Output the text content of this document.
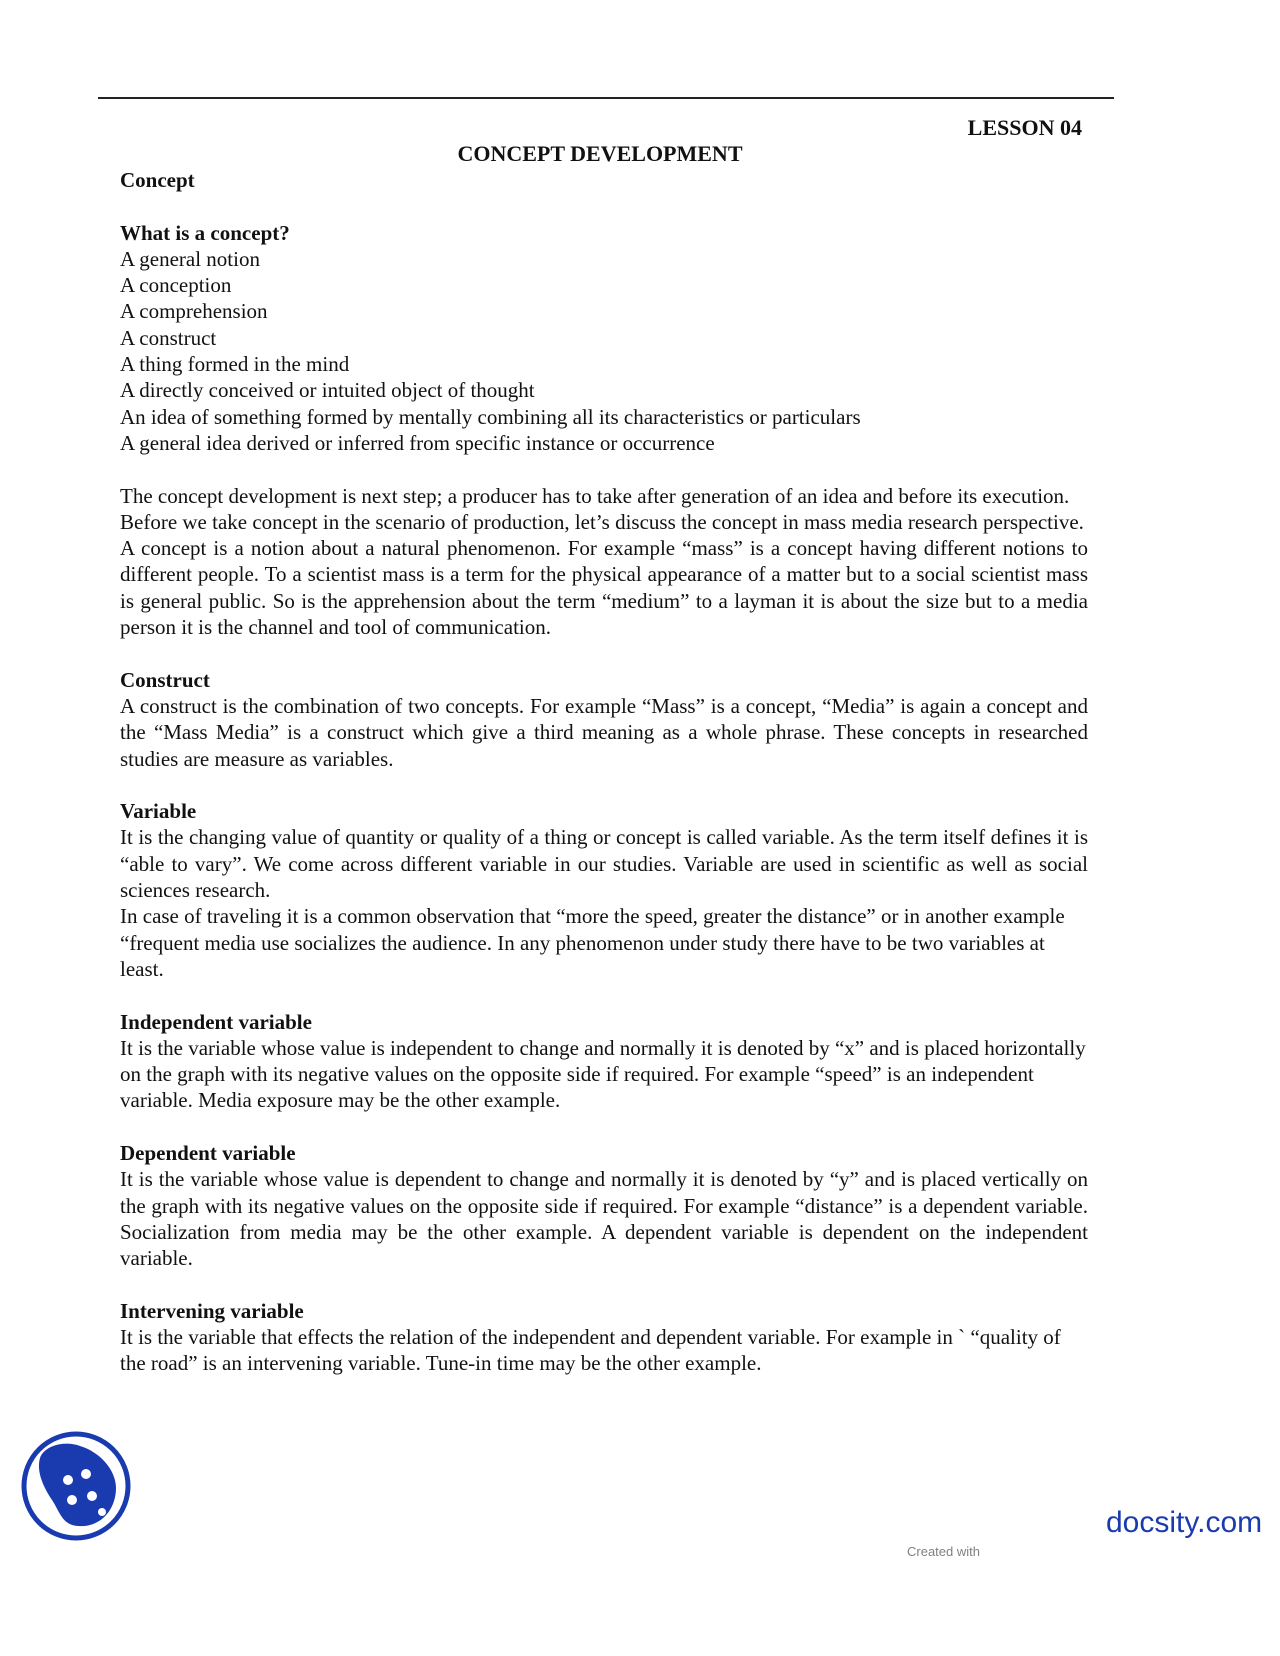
LESSON 04
CONCEPT DEVELOPMENT
Concept
What is a concept?

A general notion

A conception

A comprehension

A construct

A thing formed in the mind

A directly conceived or intuited object of thought

An idea of something formed by mentally combining all its characteristics or particulars

A general idea derived or inferred from specific instance or occurrence

The concept development is next step; a producer has to take after generation of an idea and before its execution.

Before we take concept in the scenario of production, let’s discuss the concept in mass media research perspective.

A concept is a notion about a natural phenomenon. For example “mass” is a concept having different notions to different people. To a scientist mass is a term for the physical appearance of a matter but to a social scientist mass is general public. So is the apprehension about the term “medium” to a layman it is about the size but to a media person it is the channel and tool of communication.

Construct

A construct is the combination of two concepts. For example “Mass” is a concept, “Media” is again a concept and the “Mass Media” is a construct which give a third meaning as a whole phrase. These concepts in researched studies are measure as variables.

Variable

It is the changing value of quantity or quality of a thing or concept is called variable. As the term itself defines it is “able to vary”. We come across different variable in our studies. Variable are used in scientific as well as social sciences research.

In case of traveling it is a common observation that “more the speed, greater the distance” or in another example “frequent media use socializes the audience. In any phenomenon under study there have to be two variables at least.

Independent variable

It is the variable whose value is independent to change and normally it is denoted by “x” and is placed horizontally on the graph with its negative values on the opposite side if required. For example “speed” is an independent variable. Media exposure may be the other example.

Dependent variable

It is the variable whose value is dependent to change and normally it is denoted by “y” and is placed vertically on the graph with its negative values on the opposite side if required. For example “distance” is a dependent variable. Socialization from media may be the other example. A dependent variable is dependent on the independent variable.

Intervening variable

It is the variable that effects the relation of the independent and dependent variable. For example in ` “quality of the road” is an intervening variable. Tune-in time may be the other example.

docsity.com
Created with
